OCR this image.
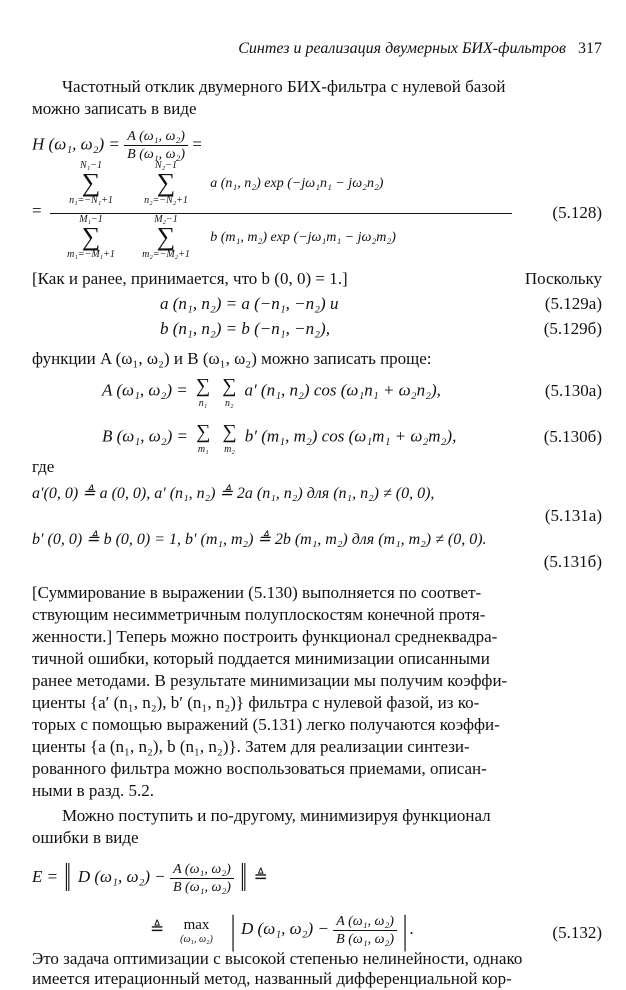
Синтез и реализация двумерных БИХ-фильтров 317
Частотный отклик двумерного БИХ-фильтра с нулевой базой
можно записать в виде
H (ω₁, $\omega_2) = \frac{\text{A (ω₁, ω₂)}}{\text{B (ω₁, ω₂)}}$ =
=
N₁−1
∑
n₁=−N₁+1
N₂−1
∑
n₂=−N₂+1
a (n₁, n₂) exp (−jω₁n₁ − jω₂n₂)
M₁−1
∑
m₁=−M₁+1
M₂−1
∑
m₂=−M₂+1
b (m₁, m₂) exp (−jω₁m₁ − jω₂m₂)
(5.128)
[Как и ранее, принимается, что b (0, 0) = 1.]	Поскольку
a (n₁, n₂) = a (−n₁, −n₂) и	(5.129а)
b (n₁, n₂) = b (−n₁, −n₂),	(5.129б)
функции A (ω₁, ω₂) и B (ω₁, ω₂) можно записать проще:
A (ω₁, ω₂) = ∑
n₁

∑
n₂
a′ (n₁, n₂) cos (ω₁n₁ + ω₂n₂),	(5.130а)
B (ω₁, ω₂) = ∑
m₁

∑
m₂
b′ (m₁, m₂) cos (ω₁m₁ + ω₂m₂),	(5.130б)
где
a′(0, 0) ≜ a (0, 0), a′ (n₁, n₂) ≜ 2a (n₁, n₂) для (n₁, n₂) ≠ (0, 0),
(5.131а)
b′ (0, 0) ≜ b (0, 0) = 1, b′ (m₁, m₂) ≜ 2b (m₁, m₂) для (m₁, m₂) ≠ (0, 0).
(5.131б)
[Суммирование в выражении (5.130) выполняется по соответ-
ствующим несимметричным полуплоскостям конечной протя-
женности.] Теперь можно построить функционал среднеквадра-
тичной ошибки, который поддается минимизации описанными
ранее методами. В результате минимизации мы получим коэффи-
циенты {a′ (n₁, n₂), b′ (n₁, n₂)} фильтра с нулевой фазой, из ко-
торых с помощью выражений (5.131) легко получаются коэффи-
циенты {a (n₁, n₂), b (n₁, n₂)}. Затем для реализации синтези-
рованного фильтра можно воспользоваться приемами, описан-
ными в разд. 5.2.
Можно поступить и по-другому, минимизируя функционал
ошибки в виде
E = ‖ D (ω₁, $\omega_2) - \frac{\text{A (ω₁, ω₂)}}{\text{B (ω₁, ω₂)}}$ ‖ ≜
≜	max
(ω₁, ω₂) | D (ω₁, $\omega_2) - \frac{\text{A (ω₁, ω₂)}}{\text{B (ω₁, ω₂)}}$ |.	(5.132)
Это задача оптимизации с высокой степенью нелинейности, однако
имеется итерационный метод, названный дифференциальной кор-
